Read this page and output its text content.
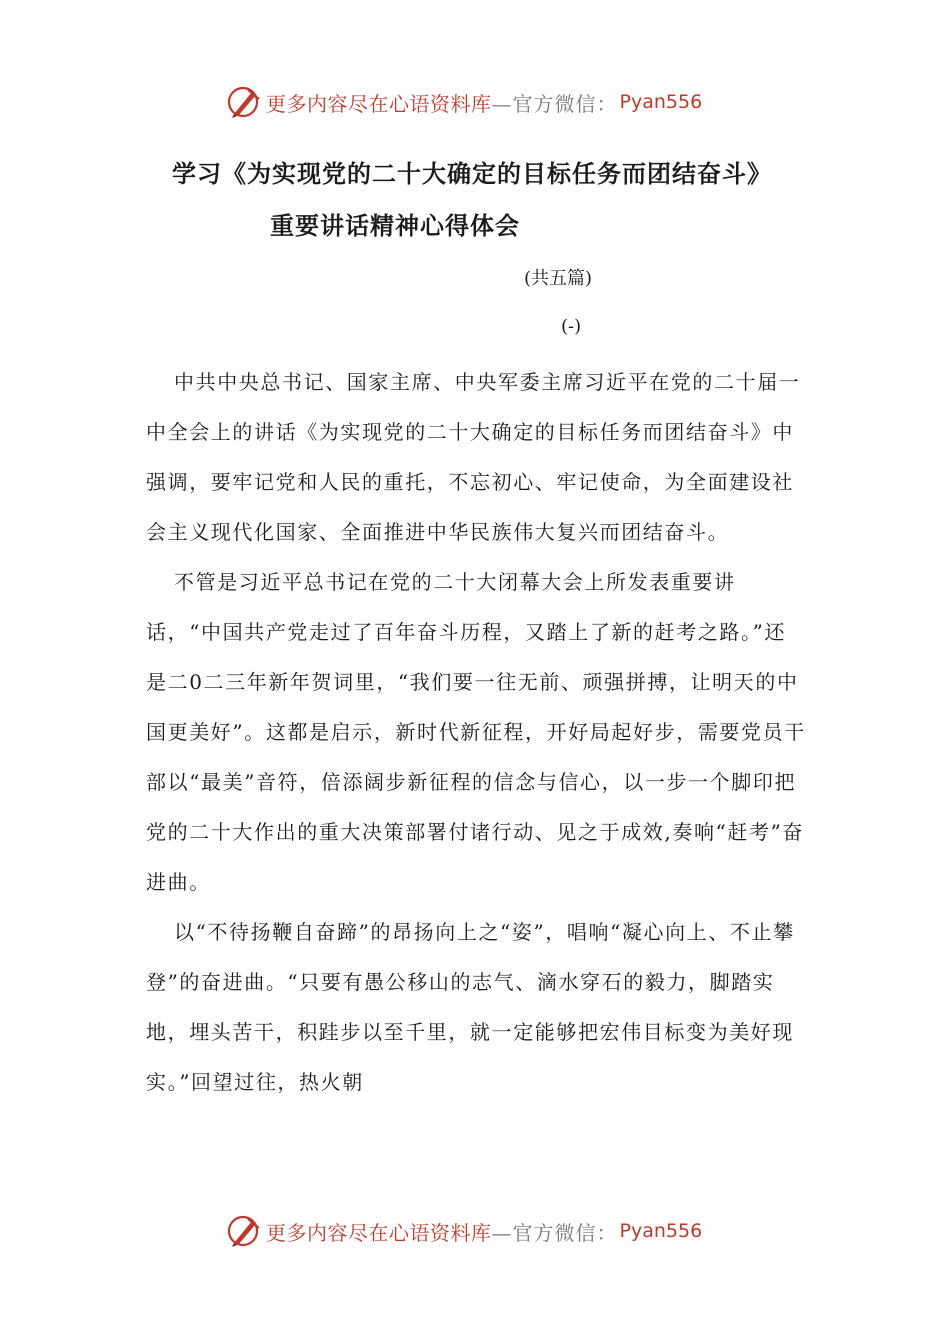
更多内容尽在心语资料库 —官方微信： Pyan556
学习《为实现党的二十大确定的目标任务而团结奋斗》
重要讲话精神心得体会
(共五篇)
(-)

中共中央总书记、国家主席、中央军委主席习近平在党的二十届一中全会上的讲话《为实现党的二十大确定的目标任务而团结奋斗》中强调，要牢记党和人民的重托，不忘初心、牢记使命，为全面建设社会主义现代化国家、全面推进中华民族伟大复兴而团结奋斗。

不管是习近平总书记在党的二十大闭幕大会上所发表重要讲话，“中国共产党走过了百年奋斗历程，又踏上了新的赶考之路。”还是二0二三年新年贺词里，“我们要一往无前、顽强拼搏，让明天的中国更美好”。这都是启示，新时代新征程，开好局起好步，需要党员干部以“最美”音符，倍添阔步新征程的信念与信心，以一步一个脚印把党的二十大作出的重大决策部署付诸行动、见之于成效,奏响“赶考”奋进曲。

以“不待扬鞭自奋蹄”的昂扬向上之“姿”，唱响“凝心向上、不止攀登”的奋进曲。“只要有愚公移山的志气、滴水穿石的毅力，脚踏实地，埋头苦干，积跬步以至千里，就一定能够把宏伟目标变为美好现实。”回望过往，热火朝

更多内容尽在心语资料库 —官方微信： Pyan556
